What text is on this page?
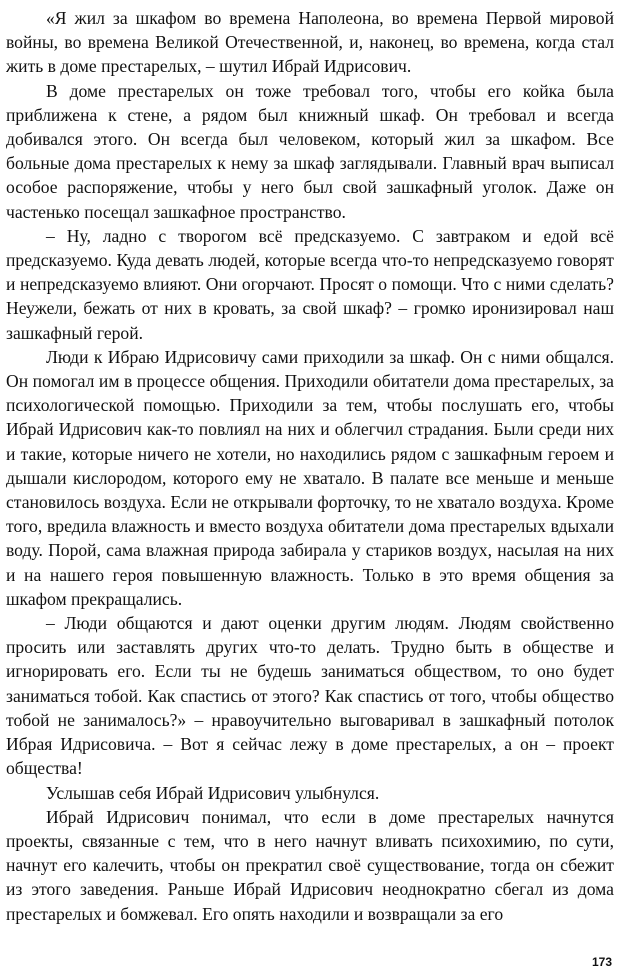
«Я жил за шкафом во времена Наполеона, во времена Первой мировой войны, во времена Великой Отечественной, и, наконец, во времена, когда стал жить в доме престарелых, – шутил Ибрай Идрисович.

В доме престарелых он тоже требовал того, чтобы его койка была приближена к стене, а рядом был книжный шкаф. Он требовал и всегда добивался этого. Он всегда был человеком, который жил за шкафом. Все больные дома престарелых к нему за шкаф заглядывали. Главный врач выписал особое распоряжение, чтобы у него был свой зашкафный уголок. Даже он частенько посещал зашкафное пространство.

– Ну, ладно с творогом всё предсказуемо. С завтраком и едой всё предсказуемо. Куда девать людей, которые всегда что-то непредсказуемо говорят и непредсказуемо влияют. Они огорчают. Просят о помощи. Что с ними сделать? Неужели, бежать от них в кровать, за свой шкаф? – громко иронизировал наш зашкафный герой.

Люди к Ибраю Идрисовичу сами приходили за шкаф. Он с ними общался. Он помогал им в процессе общения. Приходили обитатели дома престарелых, за психологической помощью. Приходили за тем, чтобы послушать его, чтобы Ибрай Идрисович как-то повлиял на них и облегчил страдания. Были среди них и такие, которые ничего не хотели, но находились рядом с зашкафным героем и дышали кислородом, которого ему не хватало. В палате все меньше и меньше становилось воздуха. Если не открывали форточку, то не хватало воздуха. Кроме того, вредила влажность и вместо воздуха обитатели дома престарелых вдыхали воду. Порой, сама влажная природа забирала у стариков воздух, насылая на них и на нашего героя повышенную влажность. Только в это время общения за шкафом прекращались.

– Люди общаются и дают оценки другим людям. Людям свойственно просить или заставлять других что-то делать. Трудно быть в обществе и игнорировать его. Если ты не будешь заниматься обществом, то оно будет заниматься тобой. Как спастись от этого? Как спастись от того, чтобы общество тобой не занималось?» – нравоучительно выговаривал в зашкафный потолок Ибрая Идрисовича. – Вот я сейчас лежу в доме престарелых, а он – проект общества!

Услышав себя Ибрай Идрисович улыбнулся.

Ибрай Идрисович понимал, что если в доме престарелых начнутся проекты, связанные с тем, что в него начнут вливать психохимию, по сути, начнут его калечить, чтобы он прекратил своё существование, тогда он сбежит из этого заведения. Раньше Ибрай Идрисович неоднократно сбегал из дома престарелых и бомжевал. Его опять находили и возвращали за его

173
